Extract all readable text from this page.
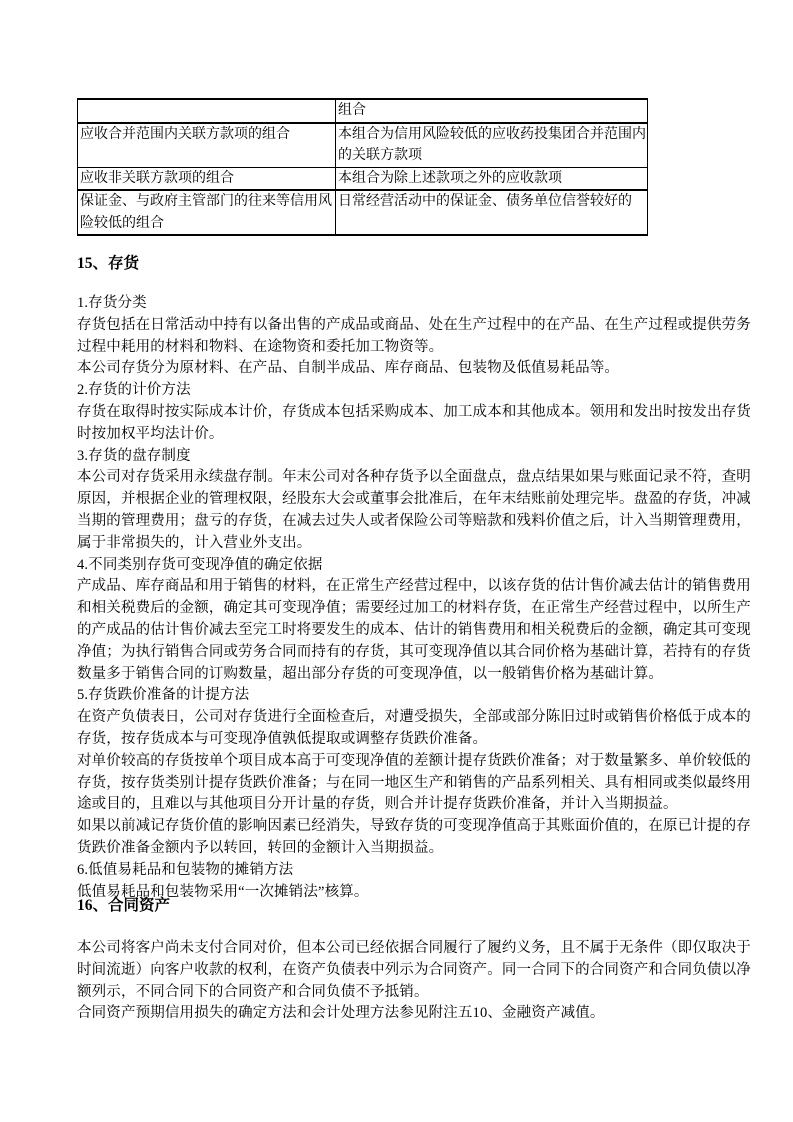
	组合
应收合并范围内关联方款项的组合	本组合为信用风险较低的应收药投集团合并范围内的关联方款项
应收非关联方款项的组合	本组合为除上述款项之外的应收款项
保证金、与政府主管部门的往来等信用风险较低的组合	日常经营活动中的保证金、债务单位信誉较好的
15、存货
1.存货分类
存货包括在日常活动中持有以备出售的产成品或商品、处在生产过程中的在产品、在生产过程或提供劳务
过程中耗用的材料和物料、在途物资和委托加工物资等。
本公司存货分为原材料、在产品、自制半成品、库存商品、包装物及低值易耗品等。
2.存货的计价方法
存货在取得时按实际成本计价，存货成本包括采购成本、加工成本和其他成本。领用和发出时按发出存货
时按加权平均法计价。
3.存货的盘存制度
本公司对存货采用永续盘存制。年末公司对各种存货予以全面盘点，盘点结果如果与账面记录不符，查明
原因，并根据企业的管理权限，经股东大会或董事会批准后，在年末结账前处理完毕。盘盈的存货，冲减
当期的管理费用；盘亏的存货，在减去过失人或者保险公司等赔款和残料价值之后，计入当期管理费用，
属于非常损失的，计入营业外支出。
4.不同类别存货可变现净值的确定依据
产成品、库存商品和用于销售的材料，在正常生产经营过程中，以该存货的估计售价减去估计的销售费用
和相关税费后的金额，确定其可变现净值；需要经过加工的材料存货，在正常生产经营过程中，以所生产
的产成品的估计售价减去至完工时将要发生的成本、估计的销售费用和相关税费后的金额，确定其可变现
净值；为执行销售合同或劳务合同而持有的存货，其可变现净值以其合同价格为基础计算，若持有的存货
数量多于销售合同的订购数量，超出部分存货的可变现净值，以一般销售价格为基础计算。
5.存货跌价准备的计提方法
在资产负债表日，公司对存货进行全面检查后，对遭受损失，全部或部分陈旧过时或销售价格低于成本的
存货，按存货成本与可变现净值孰低提取或调整存货跌价准备。
对单价较高的存货按单个项目成本高于可变现净值的差额计提存货跌价准备；对于数量繁多、单价较低的
存货，按存货类别计提存货跌价准备；与在同一地区生产和销售的产品系列相关、具有相同或类似最终用
途或目的，且难以与其他项目分开计量的存货，则合并计提存货跌价准备，并计入当期损益。
如果以前减记存货价值的影响因素已经消失，导致存货的可变现净值高于其账面价值的，在原已计提的存
货跌价准备金额内予以转回，转回的金额计入当期损益。
6.低值易耗品和包装物的摊销方法
低值易耗品和包装物采用“一次摊销法”核算。
16、合同资产
本公司将客户尚未支付合同对价，但本公司已经依据合同履行了履约义务，且不属于无条件（即仅取决于
时间流逝）向客户收款的权利，在资产负债表中列示为合同资产。同一合同下的合同资产和合同负债以净
额列示，不同合同下的合同资产和合同负债不予抵销。
合同资产预期信用损失的确定方法和会计处理方法参见附注五10、金融资产减值。
